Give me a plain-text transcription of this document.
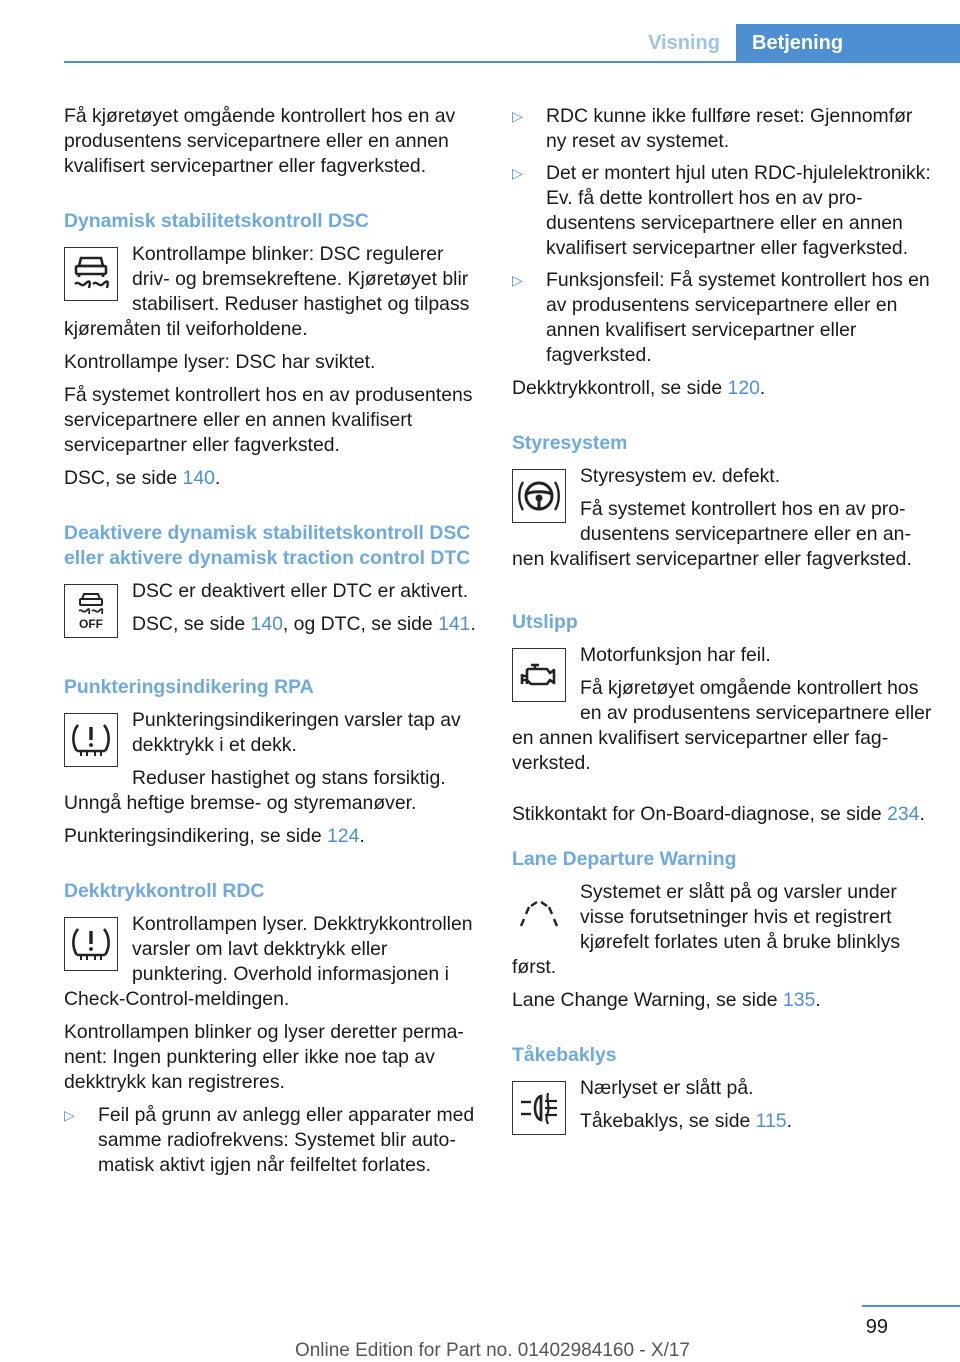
Visning	Betjening

Få kjøretøyet omgående kontrollert hos en av produsentens servicepartnere eller en annen kvalifisert servicepartner eller fagverksted.

Dynamisk stabilitetskontroll DSC

Kontrollampe blinker: DSC regulerer driv- og bremsekreftene. Kjøretøyet blir stabilisert. Reduser hastighet og tilpass kjøremåten til veiforholdene.

Kontrollampe lyser: DSC har sviktet.

Få systemet kontrollert hos en av produsentens servicepartnere eller en annen kvalifisert servicepartner eller fagverksted.

DSC, se side 140.

Deaktivere dynamisk stabilitetskontroll DSC eller aktivere dynamisk traction control DTC
OFF

DSC er deaktivert eller DTC er aktivert.

DSC, se side 140, og DTC, se side 141.

Punkteringsindikering RPA

Punkteringsindikeringen varsler tap av dekktrykk i et dekk.

Reduser hastighet og stans forsiktig. Unngå heftige bremse- og styremanøver.

Punkteringsindikering, se side 124.

Dekktrykkontroll RDC

Kontrollampen lyser. Dekktrykkontrollen varsler om lavt dekktrykk eller punktering. Overhold informasjonen i Check-Control-meldingen.

Kontrollampen blinker og lyser deretter permanent: Ingen punktering eller ikke noe tap av dekktrykk kan registreres.

▷ Feil på grunn av anlegg eller apparater med samme radiofrekvens: Systemet blir automatisk aktivt igjen når feilfeltet forlates.
▷ RDC kunne ikke fullføre reset: Gjennomfør ny reset av systemet.
▷ Det er montert hjul uten RDC-hjulelektronikk: Ev. få dette kontrollert hos en av produsentens servicepartnere eller en annen kvalifisert servicepartner eller fagverksted.
▷ Funksjonsfeil: Få systemet kontrollert hos en av produsentens servicepartnere eller en annen kvalifisert servicepartner eller fagverksted.

Dekktrykkontroll, se side 120.

Styresystem

Styresystem ev. defekt.

Få systemet kontrollert hos en av produsentens servicepartnere eller en annen kvalifisert servicepartner eller fagverksted.

Utslipp

Motorfunksjon har feil.

Få kjøretøyet omgående kontrollert hos en av produsentens servicepartnere eller en annen kvalifisert servicepartner eller fagverksted.

Stikkontakt for On-Board-diagnose, se side 234.

Lane Departure Warning

Systemet er slått på og varsler under visse forutsetninger hvis et registrert kjørefelt forlates uten å bruke blinklys først.

Lane Change Warning, se side 135.

Tåkebaklys

Nærlyset er slått på.

Tåkebaklys, se side 115.

99
Online Edition for Part no. 01402984160 - X/17
